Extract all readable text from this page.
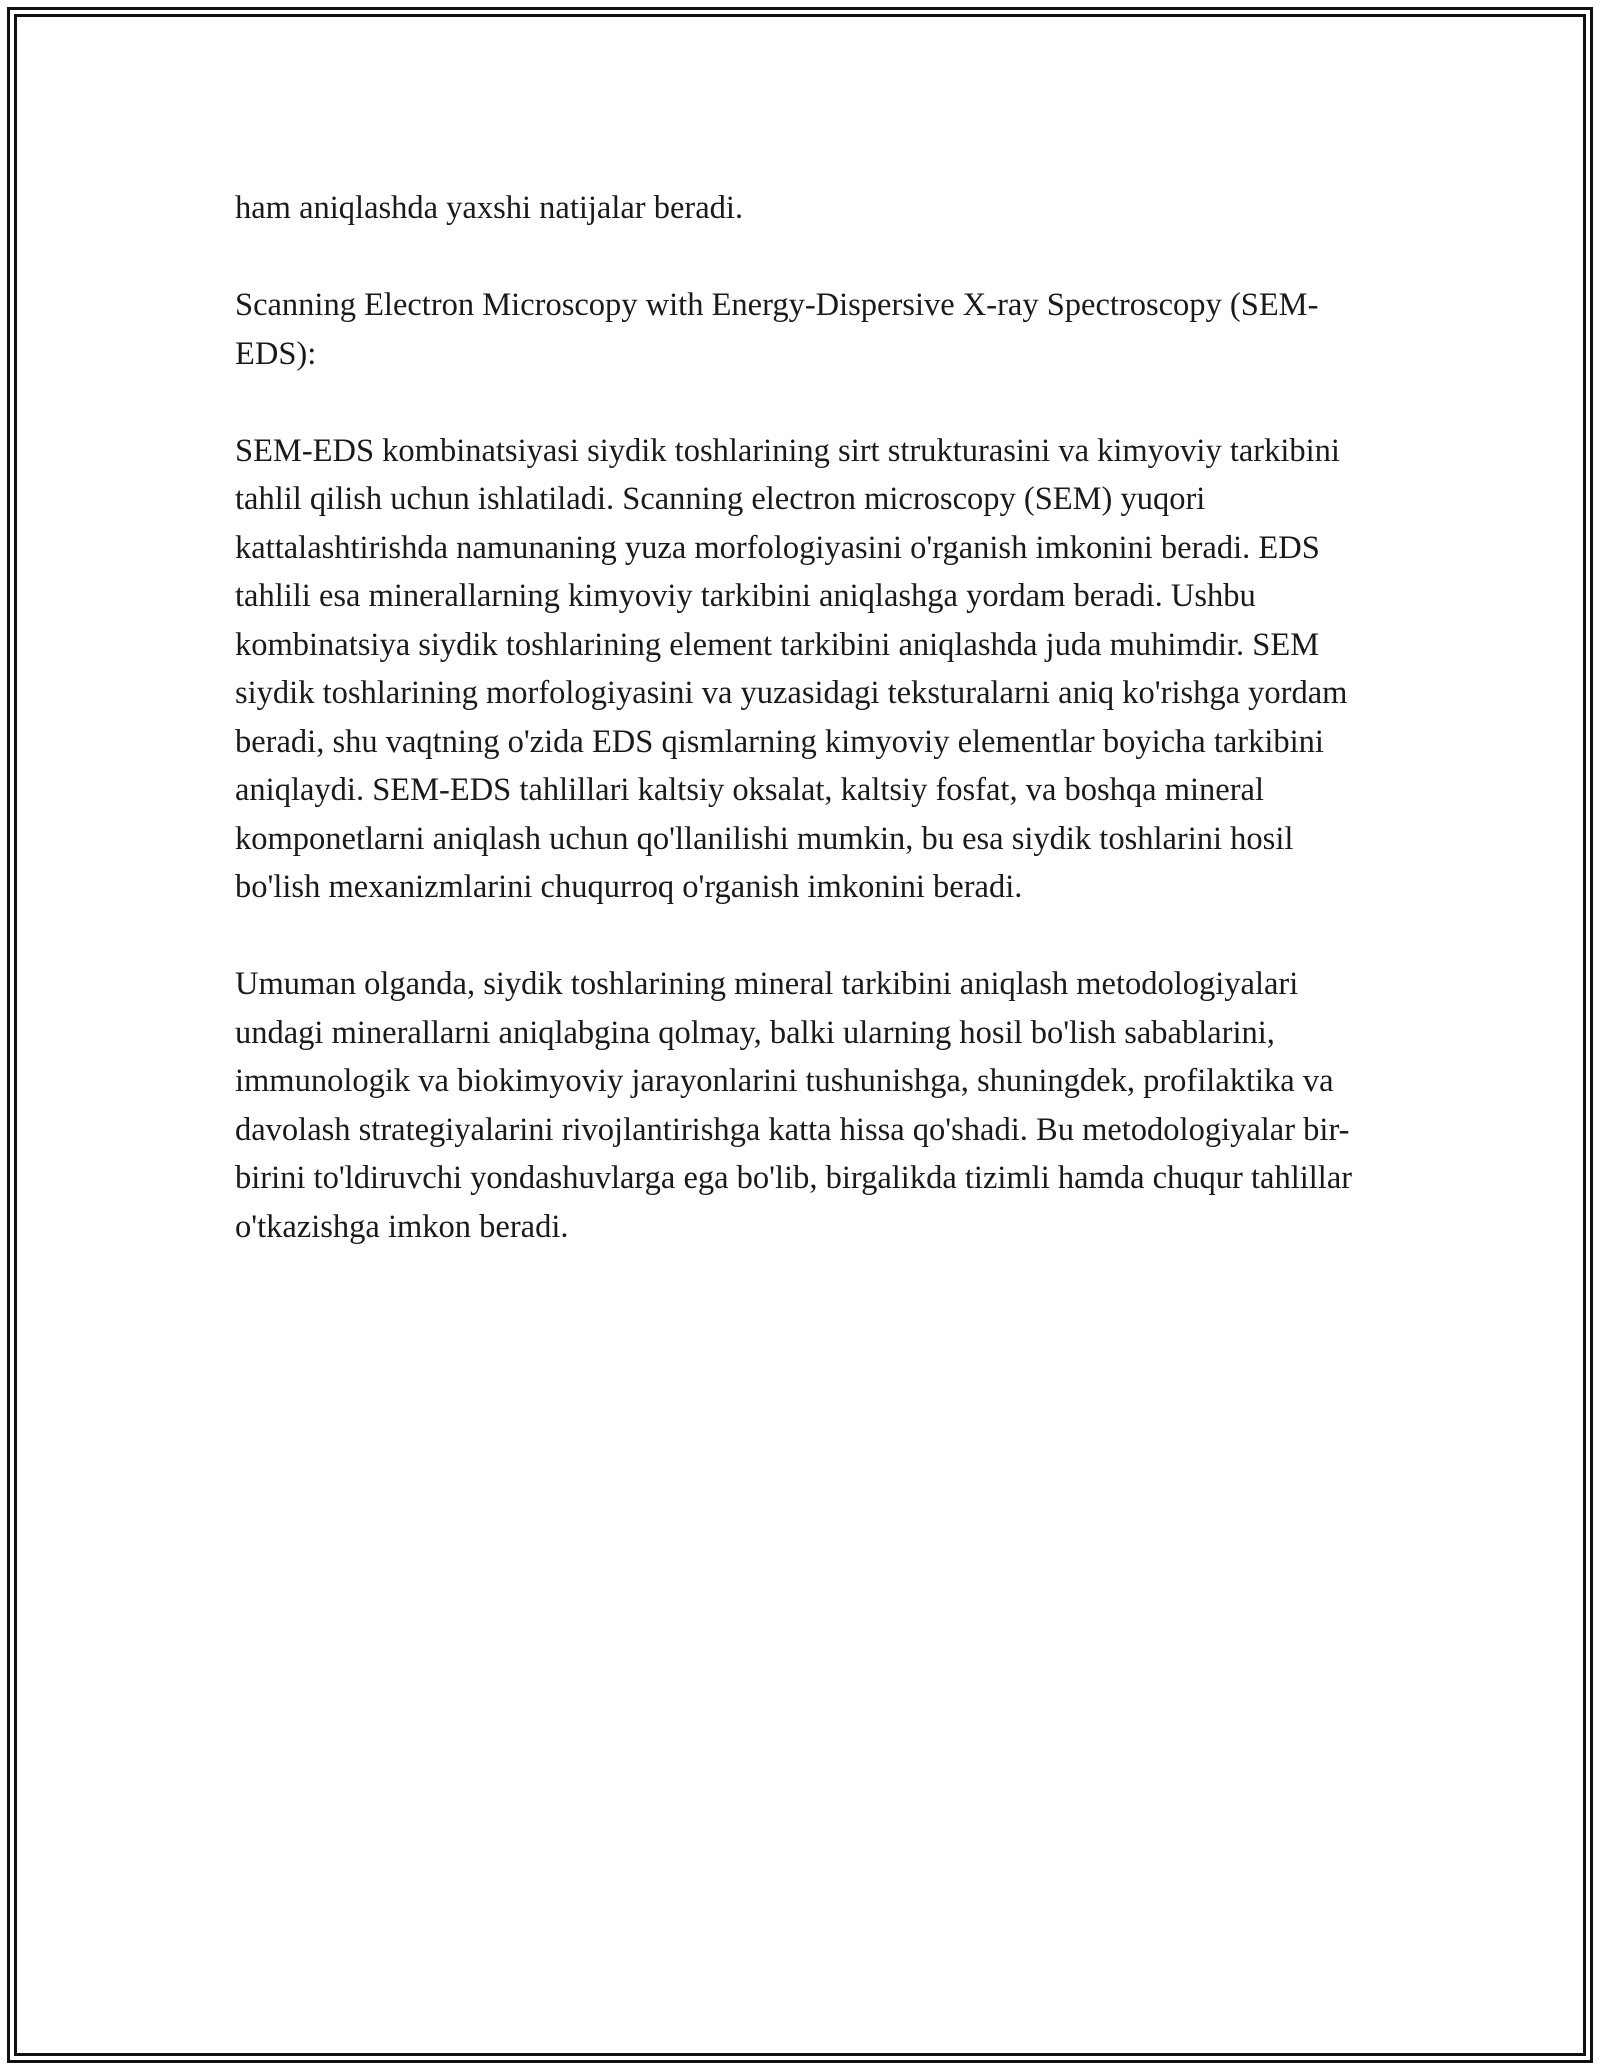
ham aniqlashda yaxshi natijalar beradi.

Scanning Electron Microscopy with Energy-Dispersive X-ray Spectroscopy (SEM-EDS):

SEM-EDS kombinatsiyasi siydik toshlarining sirt strukturasini va kimyoviy tarkibini tahlil qilish uchun ishlatiladi. Scanning electron microscopy (SEM) yuqori kattalashtirishda namunaning yuza morfologiyasini o'rganish imkonini beradi. EDS tahlili esa minerallarning kimyoviy tarkibini aniqlashga yordam beradi. Ushbu kombinatsiya siydik toshlarining element tarkibini aniqlashda juda muhimdir. SEM siydik toshlarining morfologiyasini va yuzasidagi teksturalarni aniq ko'rishga yordam beradi, shu vaqtning o'zida EDS qismlarning kimyoviy elementlar boyicha tarkibini aniqlaydi. SEM-EDS tahlillari kaltsiy oksalat, kaltsiy fosfat, va boshqa mineral komponetlarni aniqlash uchun qo'llanilishi mumkin, bu esa siydik toshlarini hosil bo'lish mexanizmlarini chuqurroq o'rganish imkonini beradi.

Umuman olganda, siydik toshlarining mineral tarkibini aniqlash metodologiyalari undagi minerallarni aniqlabgina qolmay, balki ularning hosil bo'lish sabablarini, immunologik va biokimyoviy jarayonlarini tushunishga, shuningdek, profilaktika va davolash strategiyalarini rivojlantirishga katta hissa qo'shadi. Bu metodologiyalar bir-birini to'ldiruvchi yondashuvlarga ega bo'lib, birgalikda tizimli hamda chuqur tahlillar o'tkazishga imkon beradi.
